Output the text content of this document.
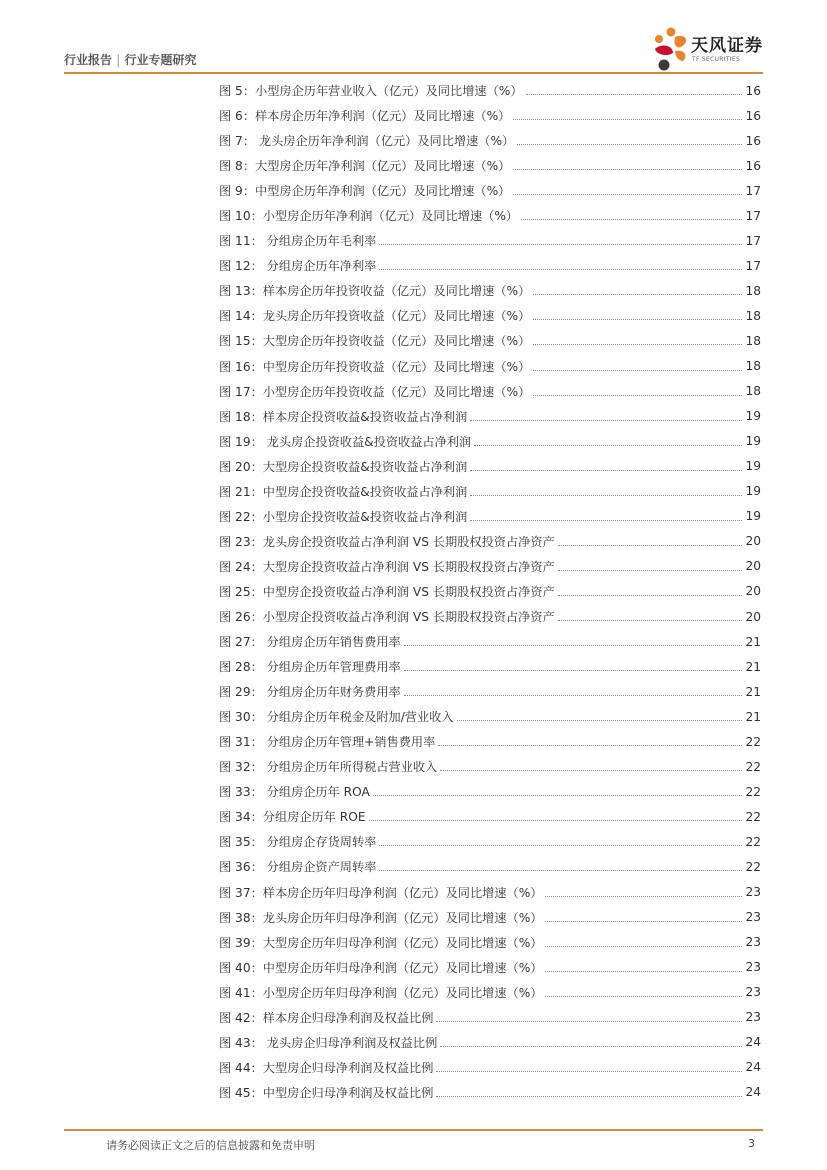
行业报告 | 行业专题研究
天风证券
TF SECURITIES
图 5：小型房企历年营业收入（亿元）及同比增速（%）	16
图 6：样本房企历年净利润（亿元）及同比增速（%）	16
图 7： 龙头房企历年净利润（亿元）及同比增速（%）	16
图 8：大型房企历年净利润（亿元）及同比增速（%）	16
图 9：中型房企历年净利润（亿元）及同比增速（%）	17
图 10：小型房企历年净利润（亿元）及同比增速（%）	17
图 11： 分组房企历年毛利率	17
图 12： 分组房企历年净利率	17
图 13：样本房企历年投资收益（亿元）及同比增速（%）	18
图 14：龙头房企历年投资收益（亿元）及同比增速（%）	18
图 15：大型房企历年投资收益（亿元）及同比增速（%）	18
图 16：中型房企历年投资收益（亿元）及同比增速（%）	18
图 17：小型房企历年投资收益（亿元）及同比增速（%）	18
图 18：样本房企投资收益&投资收益占净利润	19
图 19： 龙头房企投资收益&投资收益占净利润	19
图 20：大型房企投资收益&投资收益占净利润	19
图 21：中型房企投资收益&投资收益占净利润	19
图 22：小型房企投资收益&投资收益占净利润	19
图 23：龙头房企投资收益占净利润 VS 长期股权投资占净资产	20
图 24：大型房企投资收益占净利润 VS 长期股权投资占净资产	20
图 25：中型房企投资收益占净利润 VS 长期股权投资占净资产	20
图 26：小型房企投资收益占净利润 VS 长期股权投资占净资产	20
图 27： 分组房企历年销售费用率	21
图 28： 分组房企历年管理费用率	21
图 29： 分组房企历年财务费用率	21
图 30： 分组房企历年税金及附加/营业收入	21
图 31： 分组房企历年管理+销售费用率	22
图 32： 分组房企历年所得税占营业收入	22
图 33： 分组房企历年 ROA	22
图 34：分组房企历年 ROE	22
图 35： 分组房企存货周转率	22
图 36： 分组房企资产周转率	22
图 37：样本房企历年归母净利润（亿元）及同比增速（%）	23
图 38：龙头房企历年归母净利润（亿元）及同比增速（%）	23
图 39：大型房企历年归母净利润（亿元）及同比增速（%）	23
图 40：中型房企历年归母净利润（亿元）及同比增速（%）	23
图 41：小型房企历年归母净利润（亿元）及同比增速（%）	23
图 42：样本房企归母净利润及权益比例	23
图 43： 龙头房企归母净利润及权益比例	24
图 44：大型房企归母净利润及权益比例	24
图 45：中型房企归母净利润及权益比例	24
请务必阅读正文之后的信息披露和免责申明	3
